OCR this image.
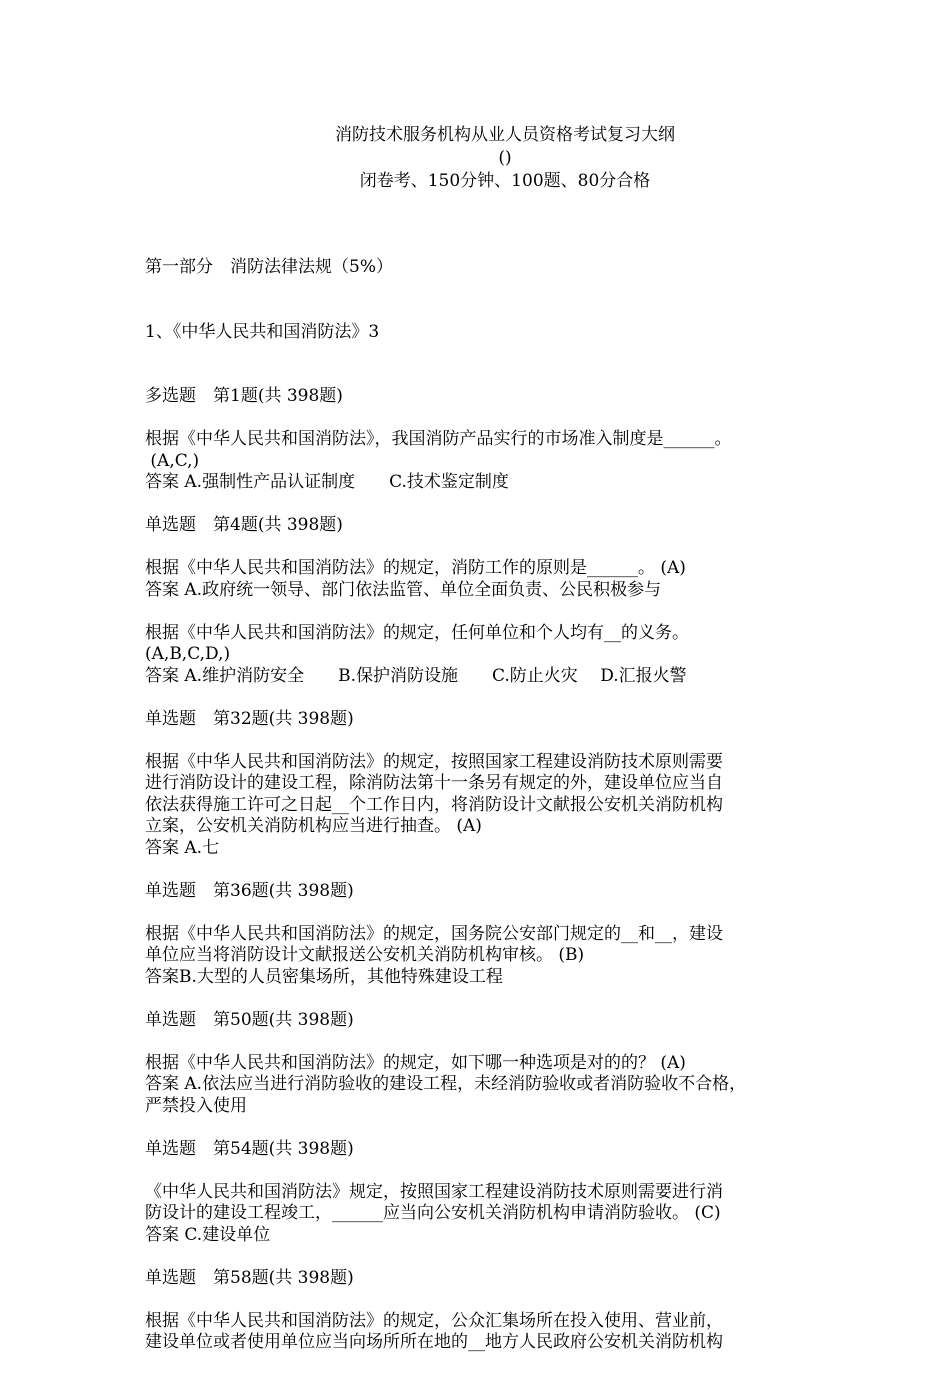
消防技术服务机构从业人员资格考试复习大纲
()
闭卷考、150分钟、100题、80分合格

第一部分　消防法律法规（5%）

1、《中华人民共和国消防法》3

多选题　第1题(共 398题)
根据《中华人民共和国消防法》，我国消防产品实行的市场准入制度是______。
(A,C,)
答案 A.强制性产品认证制度　　C.技术鉴定制度
单选题　第4题(共 398题)
根据《中华人民共和国消防法》的规定，消防工作的原则是______。 (A)
答案 A.政府统一领导、部门依法监管、单位全面负责、公民积极参与
根据《中华人民共和国消防法》的规定，任何单位和个人均有__的义务。
(A,B,C,D,)
答案 A.维护消防安全　　B.保护消防设施　　C.防止火灾　 D.汇报火警
单选题　第32题(共 398题)
根据《中华人民共和国消防法》的规定，按照国家工程建设消防技术原则需要
进行消防设计的建设工程，除消防法第十一条另有规定的外，建设单位应当自
依法获得施工许可之日起__个工作日内，将消防设计文献报公安机关消防机构
立案，公安机关消防机构应当进行抽查。 (A)
答案 A.七
单选题　第36题(共 398题)
根据《中华人民共和国消防法》的规定，国务院公安部门规定的__和__，建设
单位应当将消防设计文献报送公安机关消防机构审核。 (B)
答案B.大型的人员密集场所，其他特殊建设工程
单选题　第50题(共 398题)
根据《中华人民共和国消防法》的规定，如下哪一种选项是对的的？ (A)
答案 A.依法应当进行消防验收的建设工程，未经消防验收或者消防验收不合格，
严禁投入使用
单选题　第54题(共 398题)
《中华人民共和国消防法》规定，按照国家工程建设消防技术原则需要进行消
防设计的建设工程竣工，______应当向公安机关消防机构申请消防验收。 (C)
答案 C.建设单位
单选题　第58题(共 398题)
根据《中华人民共和国消防法》的规定，公众汇集场所在投入使用、营业前，
建设单位或者使用单位应当向场所所在地的__地方人民政府公安机关消防机构
